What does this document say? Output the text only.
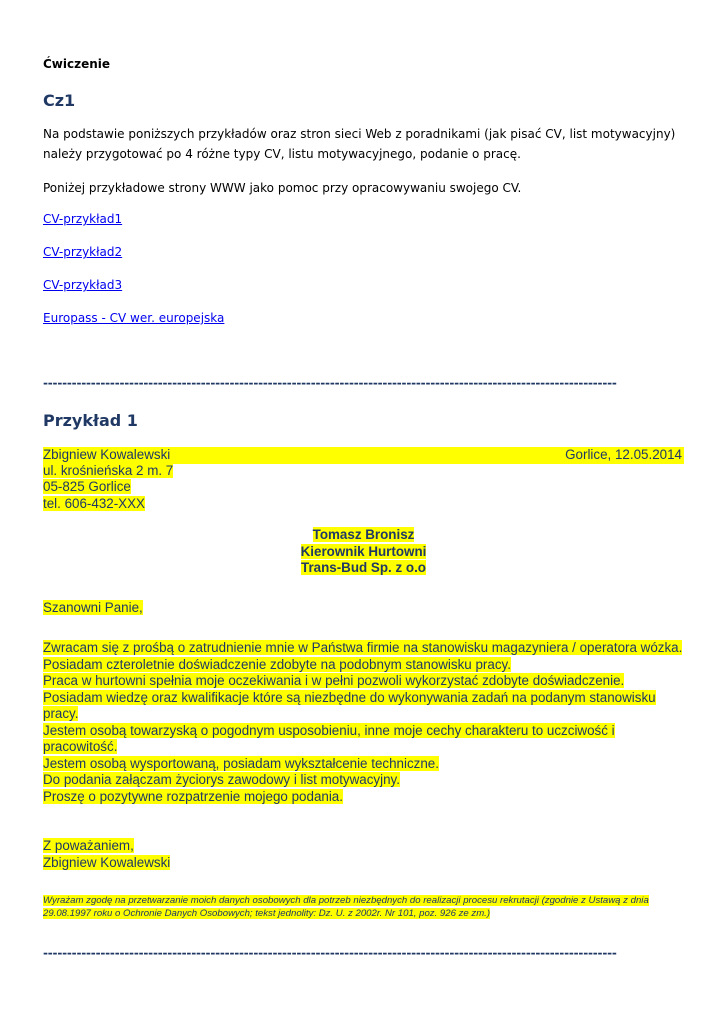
Ćwiczenie
Cz1
Na podstawie poniższych przykładów oraz stron sieci Web z poradnikami (jak pisać CV, list motywacyjny)
należy przygotować po 4 różne typy CV, listu motywacyjnego, podanie o pracę.
Poniżej przykładowe strony WWW jako pomoc przy opracowywaniu swojego CV.
CV-przykład1
CV-przykład2
CV-przykład3
Europass - CV wer. europejska
------------------------------------------------------------------------------------------------------------------------
Przykład 1
Zbigniew Kowalewski	Gorlice, 12.05.2014
ul. krośnieńska 2 m. 7
05-825 Gorlice
tel. 606-432-XXX
Tomasz Bronisz
Kierownik Hurtowni
Trans-Bud Sp. z o.o
Szanowni Panie,
Zwracam się z prośbą o zatrudnienie mnie w Państwa firmie na stanowisku magazyniera / operatora wózka.
Posiadam czteroletnie doświadczenie zdobyte na podobnym stanowisku pracy.
Praca w hurtowni spełnia moje oczekiwania i w pełni pozwoli wykorzystać zdobyte doświadczenie.
Posiadam wiedzę oraz kwalifikacje które są niezbędne do wykonywania zadań na podanym stanowisku pracy.
Jestem osobą towarzyską o pogodnym usposobieniu, inne moje cechy charakteru to uczciwość i pracowitość.
Jestem osobą wysportowaną, posiadam wykształcenie techniczne.
Do podania załączam życiorys zawodowy i list motywacyjny.
Proszę o pozytywne rozpatrzenie mojego podania.
Z poważaniem,
Zbigniew Kowalewski
Wyrażam zgodę na przetwarzanie moich danych osobowych dla potrzeb niezbędnych do realizacji procesu rekrutacji (zgodnie z Ustawą z dnia 29.08.1997 roku o Ochronie Danych Osobowych; tekst jednolity: Dz. U. z 2002r. Nr 101, poz. 926 ze zm.)
------------------------------------------------------------------------------------------------------------------------
